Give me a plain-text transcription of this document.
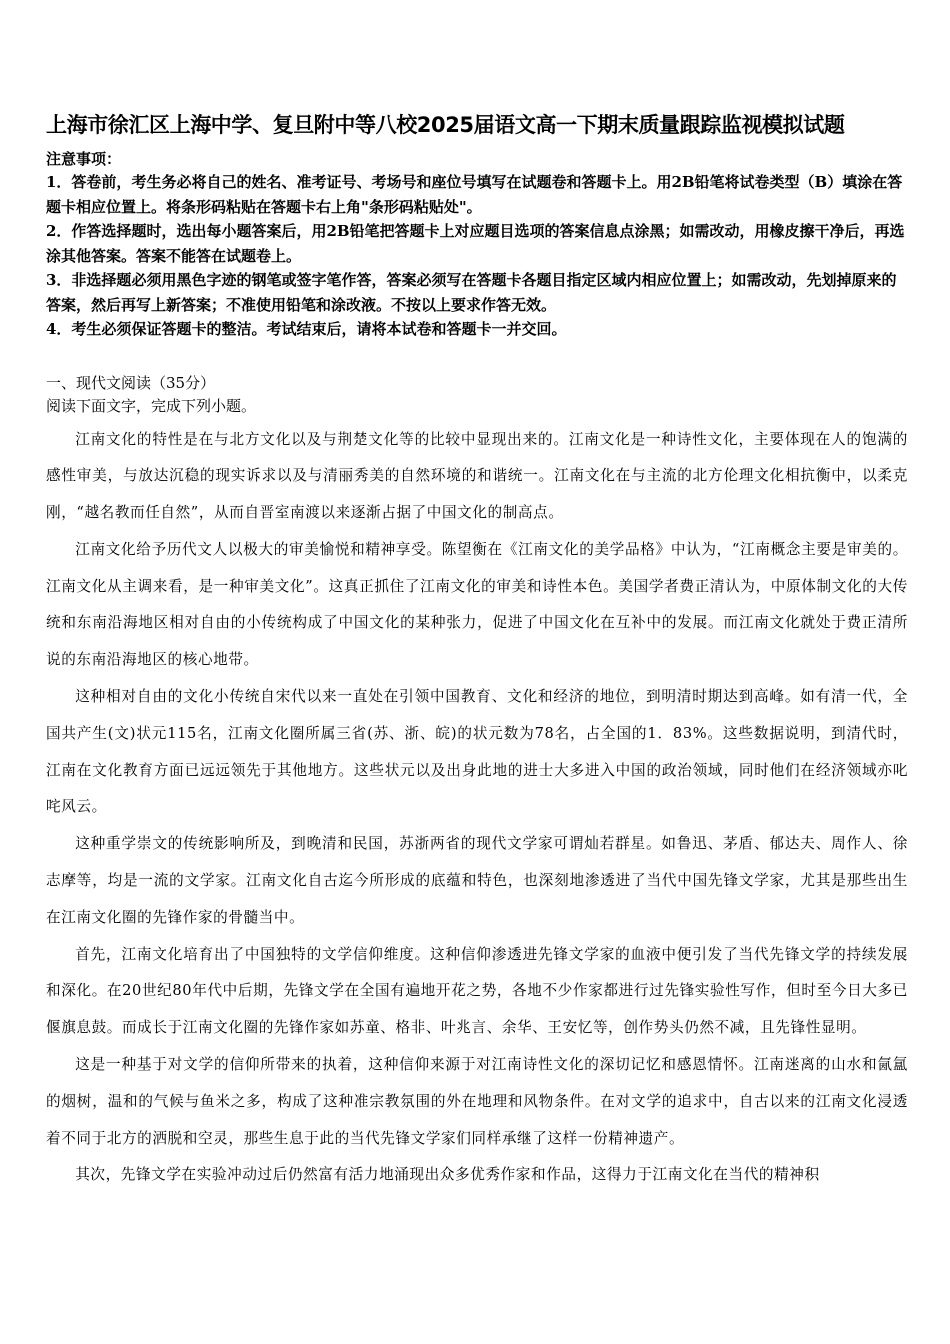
上海市徐汇区上海中学、复旦附中等八校2025届语文高一下期末质量跟踪监视模拟试题

注意事项：

1．答卷前，考生务必将自己的姓名、准考证号、考场号和座位号填写在试题卷和答题卡上。用2B铅笔将试卷类型（B）填涂在答题卡相应位置上。将条形码粘贴在答题卡右上角"条形码粘贴处"。

2．作答选择题时，选出每小题答案后，用2B铅笔把答题卡上对应题目选项的答案信息点涂黑；如需改动，用橡皮擦干净后，再选涂其他答案。答案不能答在试题卷上。

3．非选择题必须用黑色字迹的钢笔或签字笔作答，答案必须写在答题卡各题目指定区域内相应位置上；如需改动，先划掉原来的答案，然后再写上新答案；不准使用铅笔和涂改液。不按以上要求作答无效。

4．考生必须保证答题卡的整洁。考试结束后，请将本试卷和答题卡一并交回。

一、现代文阅读（35分）

阅读下面文字，完成下列小题。

江南文化的特性是在与北方文化以及与荆楚文化等的比较中显现出来的。江南文化是一种诗性文化，主要体现在人的饱满的感性审美，与放达沉稳的现实诉求以及与清丽秀美的自然环境的和谐统一。江南文化在与主流的北方伦理文化相抗衡中，以柔克刚，“越名教而任自然”，从而自晋室南渡以来逐渐占据了中国文化的制高点。

江南文化给予历代文人以极大的审美愉悦和精神享受。陈望衡在《江南文化的美学品格》中认为，“江南概念主要是审美的。江南文化从主调来看，是一种审美文化”。这真正抓住了江南文化的审美和诗性本色。美国学者费正清认为，中原体制文化的大传统和东南沿海地区相对自由的小传统构成了中国文化的某种张力，促进了中国文化在互补中的发展。而江南文化就处于费正清所说的东南沿海地区的核心地带。

这种相对自由的文化小传统自宋代以来一直处在引领中国教育、文化和经济的地位，到明清时期达到高峰。如有清一代，全国共产生(文)状元115名，江南文化圈所属三省(苏、浙、皖)的状元数为78名，占全国的1．83%。这些数据说明，到清代时，江南在文化教育方面已远远领先于其他地方。这些状元以及出身此地的进士大多进入中国的政治领域，同时他们在经济领域亦叱咤风云。

这种重学崇文的传统影响所及，到晚清和民国，苏浙两省的现代文学家可谓灿若群星。如鲁迅、茅盾、郁达夫、周作人、徐志摩等，均是一流的文学家。江南文化自古迄今所形成的底蕴和特色，也深刻地渗透进了当代中国先锋文学家，尤其是那些出生在江南文化圈的先锋作家的骨髓当中。

首先，江南文化培育出了中国独特的文学信仰维度。这种信仰渗透进先锋文学家的血液中便引发了当代先锋文学的持续发展和深化。在20世纪80年代中后期，先锋文学在全国有遍地开花之势，各地不少作家都进行过先锋实验性写作，但时至今日大多已偃旗息鼓。而成长于江南文化圈的先锋作家如苏童、格非、叶兆言、余华、王安忆等，创作势头仍然不减，且先锋性显明。

这是一种基于对文学的信仰所带来的执着，这种信仰来源于对江南诗性文化的深切记忆和感恩情怀。江南迷离的山水和氤氲的烟树，温和的气候与鱼米之多，构成了这种准宗教氛围的外在地理和风物条件。在对文学的追求中，自古以来的江南文化浸透着不同于北方的洒脱和空灵，那些生息于此的当代先锋文学家们同样承继了这样一份精神遗产。

其次，先锋文学在实验冲动过后仍然富有活力地涌现出众多优秀作家和作品，这得力于江南文化在当代的精神积
